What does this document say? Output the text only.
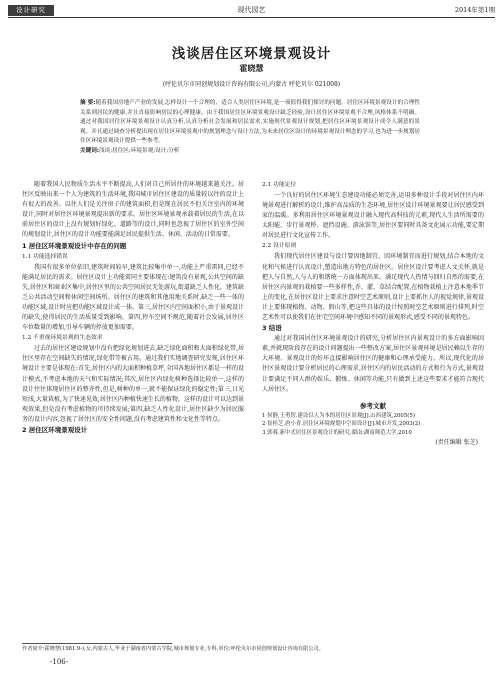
设计研究	现代园艺	2014年第1期
浅谈居住区环境景观设计
霍晓慧
(呼伦贝尔市同创规划设计咨询有限公司,内蒙古 呼伦贝尔 021008)
摘 要:随着我国房地产产业的发展,怎样设计一个合理的、适合人类居住区环境,是一项值得我们探讨的问题。居住区环境景观设计的合理性关系到居民的健康,并且直接影响居民的心理健康。由于我国居住区环境景观设计缺乏经验,设计居住区环境景观不合理,风格体系不明确。通过对我国居住区环境景观设计认真分析,认真分析社会发展和居民需求,实施现代景观设计规划,把居住区环境景观设计成令人满意的景观。并且通过调查分析提出现在居住区环境景观中的规划理念与设计方法,为未来居住区设计的环境景观设计理念的学习,也为进一步规划居住区环境景观设计提供一些参考。
关键词:浅谈;居住区;环境景观;设计;分析

随着我国人民物质生活水平不断提高,人们对自己所居住的环境越来越关注。居住区反映出来一个人为建筑的生活环境,我国城市居住区建设的质量较以往的设计上有很大的改善。以往人们是关注房子的建筑面积,但是现在居民不但关注室内的环境设计,同时对居住区环境景观提出新的要求。居住区环境景观承载着居民的生活,在以前居住区的设计上没有规划好绿化、道路等的设计,同时也忽视了居住区的室外空间的规划设计,居住区的设计功能要能满足居民提供生活、休闲、活动的日常需要。

1 居住区环境景观设计中存在的问题
1.1 功能选择错误

我国有很多单位依旧,建筑时间较早,建筑比较集中单一,功能上严重雷同,已经不能满足居民的需求。居住区设计上功能雷同主要体现在:建筑没有景观,公共空间的缺失,居住区和商业区集中,居住区里的公共空间居民无处游玩,街道缺乏人性化。建筑缺乏公共活动空间和休闲空间场所。居住区的建筑和其他用地关系时,缺乏一些一体的功能区域,设计时应把功能区域设计成一体。第三,居住区内空间面积小,由于景观设计的缺失,使得居民的生活质量受到影响。第四,停车空间不规范,随着社会发展,居住区车位数量的增加,引导车辆的停放更加需要。

1.2 不重视环境景观的生态效率

过去的居住区建设规划中没有把绿化规划进去,缺乏绿化面积和大面积绿化带,居住区里存在空间缺失的情况,绿化带等被占用。通过我们实地调查研究发现,居住区环境设计主要是体现在:首先,居住区内的大面积种植草坪,全国各地居住区都是一样的设计模式,不考虑本地的天气和实际情况;其次,居住区内绿化树种选择比较单一,这样的设计往往体现居住区的整齐性,但是,树种的单一,就不能保证绿化的稳定性;第三,日光短浅,大量栽植,为了快速见效,居住区内种植快速生长的植物。这样的设计可以达到景观效果,但是没有考虑植物的可持续发展;第四,缺乏人性化设计,居住区缺少为居民服务的设计内容,忽视了居住区的安全性问题,没有考虑建筑性和文化性等特点。

2 居住区环境景观设计
2.1 功能定位

一个良好的居住区环境生态建设功能必须完善,运用多种设计手段对居住区内环境景观进行解析的设计,维护高品质的生态环境,居住区设计环境景观要让居民感受到家的温暖。多利用居住区环境景观设计融入现代高科技的元素,现代人生活所需要的太阳能、步行景观桥、遮挡设施、游泳馆等,居住区要同时具备文化展示功能,要定期对居民进行文化宣传工作。

2.2 设计原则

我们现代居住区建设与设计要因地制宜、因环境制宜而进行规划,结合本地的文化和气候进行认真设计,塑造出地方特色的居住区。居住区设计要考虑人文关怀,就是把人与自然,人与人的和谐统一方面体现出来。满足现代人热情与回归自然的需要,在居住区内景观的栽植要一些多样性,乔、灌、草结合配置,在植物栽植上注意本地季节上的变化,在居住区设计上要求注意时空艺术原则,设计上要抓住人的视觉规律,景观设计上要体现植物、动物、假山等,把这些具体的设计按照时空艺术原则进行排列,时空艺术性可以使我们在住宅空间环境中感知不同的景观形式,感受不同的景观特色。

3 结语

通过对我国居住区环境景观设计的研究,分析居住区内景观设计的多方面影响因素,并就现阶段存在的设计问题提出一些整改方案,居住区景观环境是居民赖以生存的大环境。景观设计的好坏直接影响居住区的健康和心理承受能力。所以,现代化的居住区景观设计要分析居民的心理需求,居住区内的居民活动的方式和行为方式,景观设计要满足不同人群的娱乐、锻炼、休闲等功能,只有做到上述这些要求才能符合现代人居住区。

参考文献
1 侯静,王勇智.建设以人为本的居住区景观[J].山西建筑,2005(5)
2 崔桂芝,唐小青.居住区环境规划中空间设计[J].城市开发,2003(2)
3 郭蓉.新中式居住区景观设计的研究.湖南:湖南师范大学,2010
(责任编辑 张芝)
作者简介:霍晓慧(1981.9-),女,内蒙古人,毕业于湖南省内蒙古学院,城市规划专业,专科,单位:呼伦贝尔市同创规划设计咨询有限公司。
-106-
